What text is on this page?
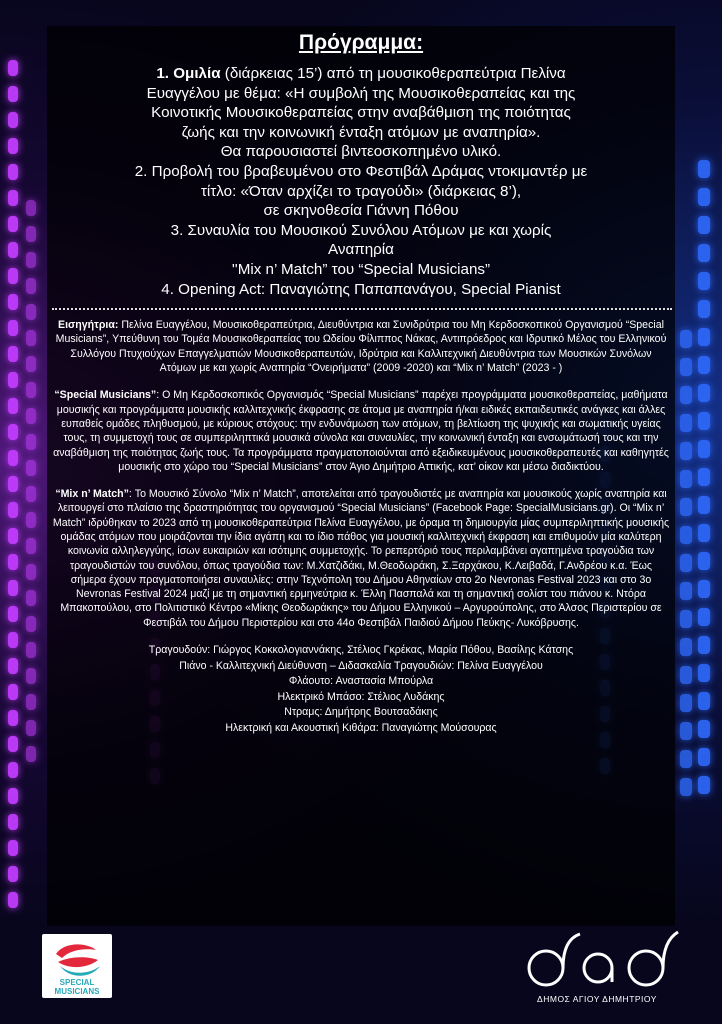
Πρόγραμμα:
1. Ομιλία (διάρκειας 15’) από τη μουσικοθεραπεύτρια Πελίνα
Ευαγγέλου με θέμα: «Η συμβολή της Μουσικοθεραπείας και της
Κοινοτικής Μουσικοθεραπείας στην αναβάθμιση της ποιότητας
ζωής και την κοινωνική ένταξη ατόμων με αναπηρία».
Θα παρουσιαστεί βιντεοσκοπημένο υλικό.
2. Προβολή του βραβευμένου στο Φεστιβάλ Δράμας ντοκιμαντέρ με
τίτλο: «Όταν αρχίζει το τραγούδι» (διάρκειας 8’),
σε σκηνοθεσία Γιάννη Πόθου
3. Συναυλία του Μουσικού Συνόλου Ατόμων με και χωρίς
Αναπηρία
''Mix n’ Match” του “Special Musicians”
4. Opening Act: Παναγιώτης Παπαπανάγου, Special Pianist

Εισηγήτρια: Πελίνα Ευαγγέλου, Μουσικοθεραπεύτρια, Διευθύντρια και Συνιδρύτρια του Μη Κερδοσκοπικού Οργανισμού “Special Musicians”, Υπεύθυνη του Τομέα Μουσικοθεραπείας του Ωδείου Φίλιππος Νάκας, Αντιπρόεδρος και Ιδρυτικό Μέλος του Ελληνικού Συλλόγου Πτυχιούχων Επαγγελματιών Μουσικοθεραπευτών, Ιδρύτρια και Καλλιτεχνική Διευθύντρια των Μουσικών Συνόλων Ατόμων με και χωρίς Αναπηρία “Ονειρήματα” (2009 -2020) και “Mix n’ Match” (2023 - )

“Special Musicians”: Ο Μη Κερδοσκοπικός Οργανισμός “Special Musicians” παρέχει προγράμματα μουσικοθεραπείας, μαθήματα μουσικής και προγράμματα μουσικής καλλιτεχνικής έκφρασης σε άτομα με αναπηρία ή/και ειδικές εκπαιδευτικές ανάγκες και άλλες ευπαθείς ομάδες πληθυσμού, με κύριους στόχους: την ενδυνάμωση των ατόμων, τη βελτίωση της ψυχικής και σωματικής υγείας τους, τη συμμετοχή τους σε συμπεριληπτικά μουσικά σύνολα και συναυλίες, την κοινωνική ένταξη και ενσωμάτωσή τους και την αναβάθμιση της ποιότητας ζωής τους. Τα προγράμματα πραγματοποιούνται από εξειδικευμένους μουσικοθεραπευτές και καθηγητές μουσικής στο χώρο του “Special Musicians” στον Άγιο Δημήτριο Αττικής, κατ’ οίκον και μέσω διαδικτύου.

“Mix n’ Match”: Το Μουσικό Σύνολο “Mix n’ Match”, αποτελείται από τραγουδιστές με αναπηρία και μουσικούς χωρίς αναπηρία και λειτουργεί στο πλαίσιο της δραστηριότητας του οργανισμού “Special Musicians” (Facebook Page: SpecialMusicians.gr). Οι “Mix n’ Match” ιδρύθηκαν το 2023 από τη μουσικοθεραπεύτρια Πελίνα Ευαγγέλου, με όραμα τη δημιουργία μίας συμπεριληπτικής μουσικής ομάδας ατόμων που μοιράζονται την ίδια αγάπη και το ίδιο πάθος για μουσική καλλιτεχνική έκφραση και επιθυμούν μία καλύτερη κοινωνία αλληλεγγύης, ίσων ευκαιριών και ισότιμης συμμετοχής. Το ρεπερτόριό τους περιλαμβάνει αγαπημένα τραγούδια των τραγουδιστών του συνόλου, όπως τραγούδια των: Μ.Χατζιδάκι, Μ.Θεοδωράκη, Σ.Ξαρχάκου, Κ.Λειβαδά, Γ.Ανδρέου κ.α. Έως σήμερα έχουν πραγματοποιήσει συναυλίες: στην Τεχνόπολη του Δήμου Αθηναίων στο 2ο Nevronas Festival 2023 και στο 3ο Nevronas Festival 2024 μαζί με τη σημαντική ερμηνεύτρια κ. Έλλη Πασπαλά και τη σημαντική σολίστ του πιάνου κ. Ντόρα Μπακοπούλου, στο Πολιτιστικό Κέντρο «Μίκης Θεοδωράκης» του Δήμου Ελληνικού – Αργυρούπολης, στο Άλσος Περιστερίου σε Φεστιβάλ του Δήμου Περιστερίου και στο 44ο Φεστιβάλ Παιδιού Δήμου Πεύκης- Λυκόβρυσης.

Τραγουδούν: Γιώργος Κοκκολογιαννάκης, Στέλιος Γκρέκας, Μαρία Πόθου, Βασίλης Κάτσης
Πιάνο - Καλλιτεχνική Διεύθυνση – Διδασκαλία Τραγουδιών: Πελίνα Ευαγγέλου
Φλάουτο: Αναστασία Μπούρλα
Ηλεκτρικό Μπάσο: Στέλιος Λυδάκης
Ντραμς: Δημήτρης Βουτσαδάκης
Ηλεκτρική και Ακουστική Κιθάρα: Παναγιώτης Μούσουρας
SPECIAL
MUSICIANS
ΔΗΜΟΣ ΑΓΙΟΥ ΔΗΜΗΤΡΙΟΥ
